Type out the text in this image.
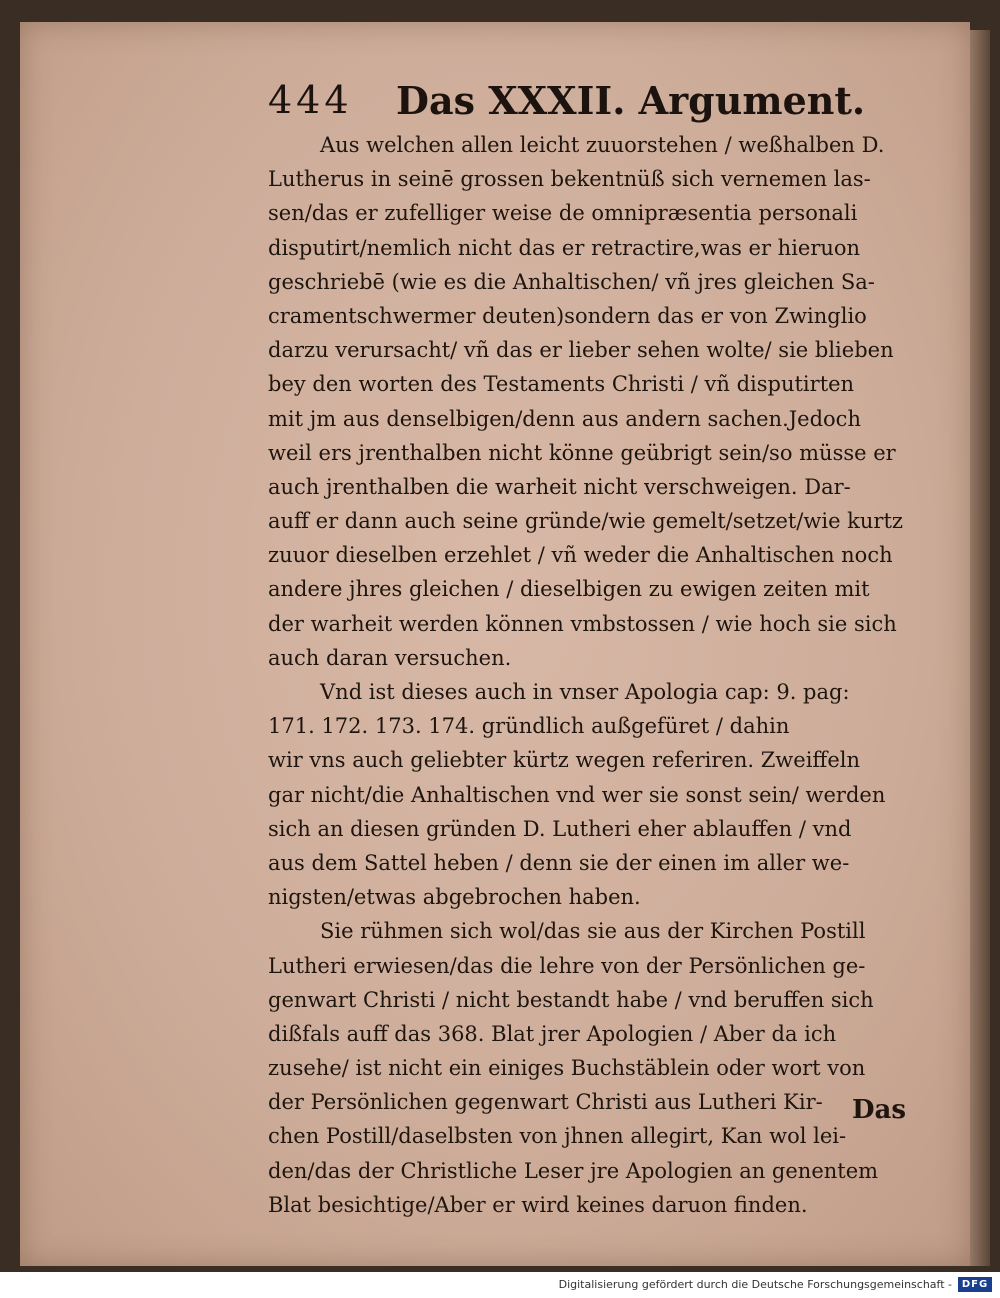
444 Das XXXII. Argument.
Aus welchen allen leicht zuuorstehen / weßhalben D.
Lutherus in seinē grossen bekentnüß sich vernemen las-
sen/das er zufelliger weise de omnipræsentia personali
disputirt/nemlich nicht das er retractire,was er hieruon
geschriebē (wie es die Anhaltischen/ vñ jres gleichen Sa-
cramentschwermer deuten)sondern das er von Zwinglio
darzu verursacht/ vñ das er lieber sehen wolte/ sie blieben
bey den worten des Testaments Christi / vñ disputirten
mit jm aus denselbigen/denn aus andern sachen.Jedoch
weil ers jrenthalben nicht könne geübrigt sein/so müsse er
auch jrenthalben die warheit nicht verschweigen. Dar-
auff er dann auch seine gründe/wie gemelt/setzet/wie kurtz
zuuor dieselben erzehlet / vñ weder die Anhaltischen noch
andere jhres gleichen / dieselbigen zu ewigen zeiten mit
der warheit werden können vmbstossen / wie hoch sie sich
auch daran versuchen.
Vnd ist dieses auch in vnser Apologia cap: 9. pag:
171. 172. 173. 174. gründlich außgefüret / dahin
wir vns auch geliebter kürtz wegen referiren. Zweiffeln
gar nicht/die Anhaltischen vnd wer sie sonst sein/ werden
sich an diesen gründen D. Lutheri eher ablauffen / vnd
aus dem Sattel heben / denn sie der einen im aller we-
nigsten/etwas abgebrochen haben.
Sie rühmen sich wol/das sie aus der Kirchen Postill
Lutheri erwiesen/das die lehre von der Persönlichen ge-
genwart Christi / nicht bestandt habe / vnd beruffen sich
dißfals auff das 368. Blat jrer Apologien / Aber da ich
zusehe/ ist nicht ein einiges Buchstäblein oder wort von
der Persönlichen gegenwart Christi aus Lutheri Kir-
chen Postill/daselbsten von jhnen allegirt, Kan wol lei-
den/das der Christliche Leser jre Apologien an genentem
Blat besichtige/Aber er wird keines daruon finden.
Das
Digitalisierung gefördert durch die Deutsche Forschungsgemeinschaft - DFG
